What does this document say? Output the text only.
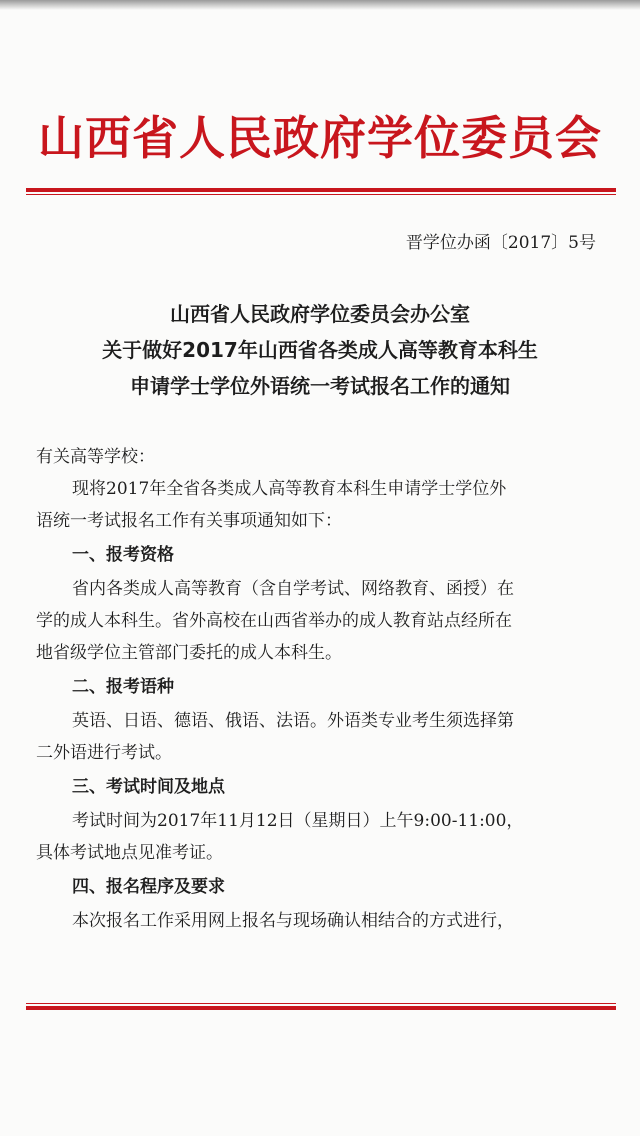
山西省人民政府学位委员会
晋学位办函〔2017〕5号
山西省人民政府学位委员会办公室
关于做好2017年山西省各类成人高等教育本科生
申请学士学位外语统一考试报名工作的通知

有关高等学校：

现将2017年全省各类成人高等教育本科生申请学士学位外

语统一考试报名工作有关事项通知如下：

一、报考资格

省内各类成人高等教育（含自学考试、网络教育、函授）在

学的成人本科生。省外高校在山西省举办的成人教育站点经所在

地省级学位主管部门委托的成人本科生。

二、报考语种

英语、日语、德语、俄语、法语。外语类专业考生须选择第

二外语进行考试。

三、考试时间及地点

考试时间为2017年11月12日（星期日）上午9:00-11:00，

具体考试地点见准考证。

四、报名程序及要求

本次报名工作采用网上报名与现场确认相结合的方式进行，
